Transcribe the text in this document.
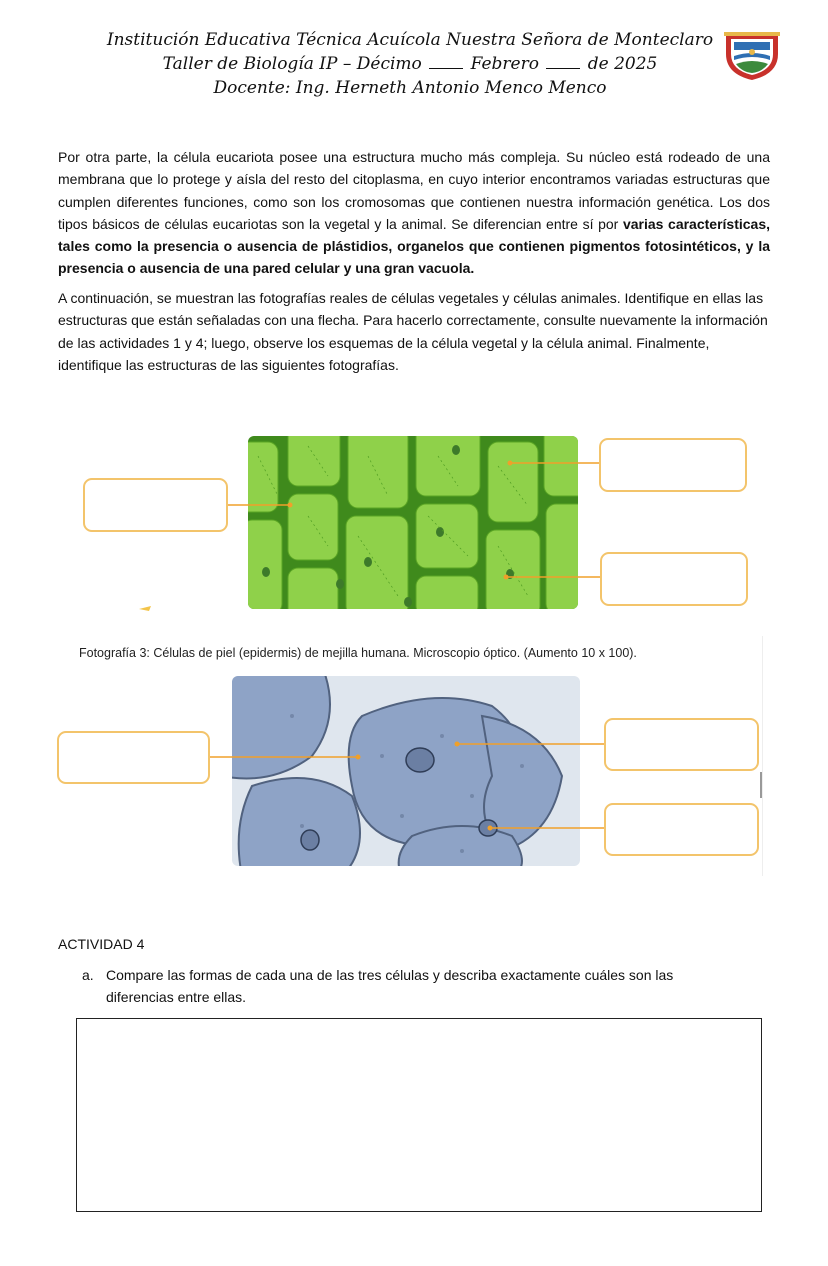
Institución Educativa Técnica Acuícola Nuestra Señora de Monteclaro
Taller de Biología IP – Décimo	Febrero	de 2025
Docente: Ing. Herneth Antonio Menco Menco

Por otra parte, la célula eucariota posee una estructura mucho más compleja. Su núcleo está rodeado de una membrana que lo protege y aísla del resto del citoplasma, en cuyo interior encontramos variadas estructuras que cumplen diferentes funciones, como son los cromosomas que contienen nuestra información genética. Los dos tipos básicos de células eucariotas son la vegetal y la animal. Se diferencian entre sí por varias características, tales como la presencia o ausencia de plástidios, organelos que contienen pigmentos fotosintéticos, y la presencia o ausencia de una pared celular y una gran vacuola.

A continuación, se muestran las fotografías reales de células vegetales y células animales. Identifique en ellas las estructuras que están señaladas con una flecha. Para hacerlo correctamente, consulte nuevamente la información de las actividades 1 y 4; luego, observe los esquemas de la célula vegetal y la célula animal. Finalmente, identifique las estructuras de las siguientes fotografías.

Fotografía 3: Células de piel (epidermis) de mejilla humana. Microscopio óptico. (Aumento 10 x 100).
ACTIVIDAD 4
a. Compare las formas de cada una de las tres células y describa exactamente cuáles son las diferencias entre ellas.
